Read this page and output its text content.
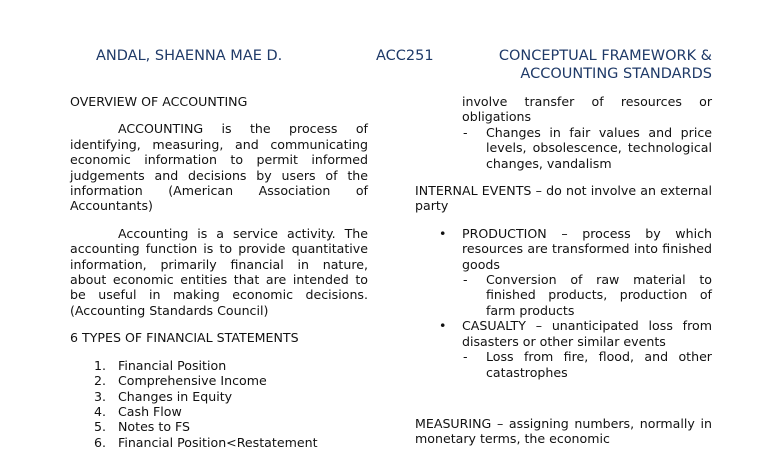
ANDAL, SHAENNA MAE D.	ACC251	CONCEPTUAL FRAMEWORK &
ACCOUNTING STANDARDS

OVERVIEW OF ACCOUNTING

ACCOUNTING is the process of identifying, measuring, and communicating economic information to permit informed judgements and decisions by users of the information (American Association of Accountants)

Accounting is a service activity. The accounting function is to provide quantitative information, primarily financial in nature, about economic entities that are intended to be useful in making economic decisions. (Accounting Standards Council)

6 TYPES OF FINANCIAL STATEMENTS

1. Financial Position
2. Comprehensive Income
3. Changes in Equity
4. Cash Flow
5. Notes to FS
6. Financial Position<Restatement

involve transfer of resources or obligations

- Changes in fair values and price levels, obsolescence, technological changes, vandalism

INTERNAL EVENTS – do not involve an external party

• PRODUCTION – process by which resources are transformed into finished goods
- Conversion of raw material to finished products, production of farm products
• CASUALTY – unanticipated loss from disasters or other similar events
- Loss from fire, flood, and other catastrophes

MEASURING – assigning numbers, normally in monetary terms, the economic
